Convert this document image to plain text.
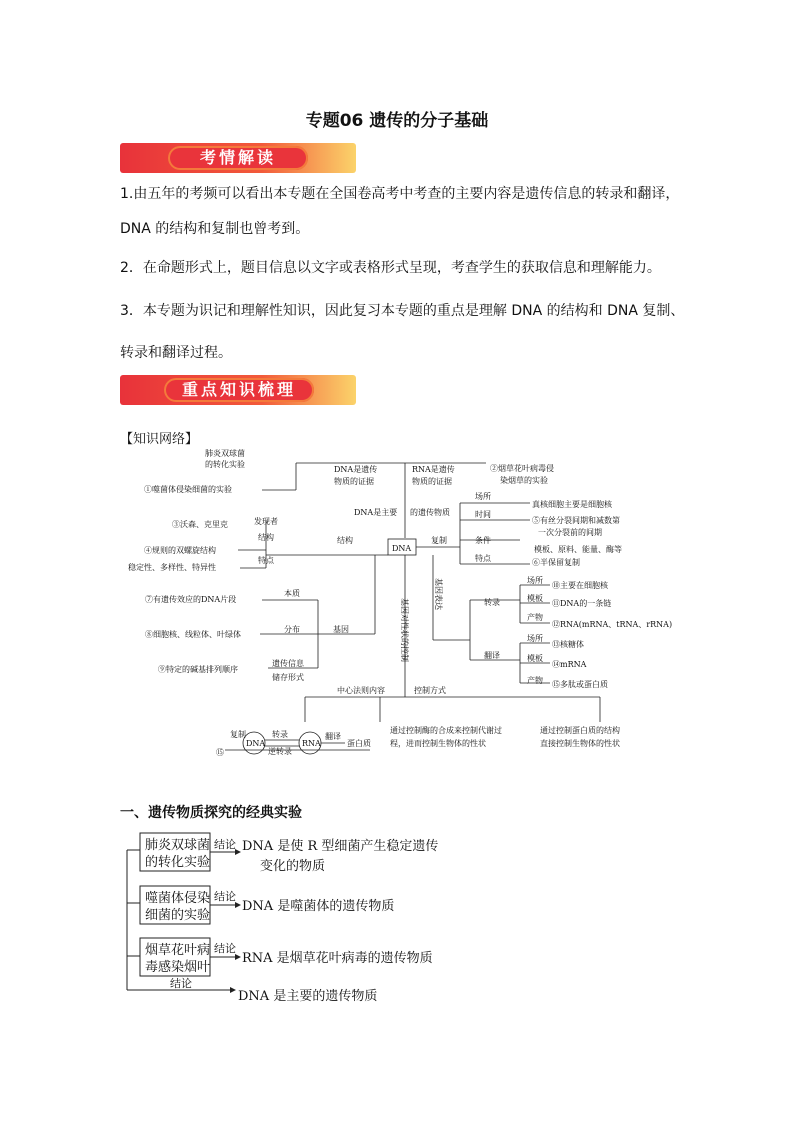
专题06 遗传的分子基础
考情解读
1.由五年的考频可以看出本专题在全国卷高考中考查的主要内容是遗传信息的转录和翻译，
DNA 的结构和复制也曾考到。
2．在命题形式上，题目信息以文字或表格形式呈现，考查学生的获取信息和理解能力。
3．本专题为识记和理解性知识，因此复习本专题的重点是理解 DNA 的结构和 DNA 复制、
转录和翻译过程。
重点知识梳理
【知识网络】
肺炎双球菌
的转化实验
①噬菌体侵染细菌的实验
DNA是遗传
物质的证据
RNA是遗传
物质的证据
②烟草花叶病毒侵
染烟草的实验
DNA是主要 的遗传物质
③沃森、克里克	发现者
结构
④规则的双螺旋结构
特点
稳定性、多样性、特异性
结构
DNA
复制
场所
真核细胞主要是细胞核
时间
⑤有丝分裂间期和减数第
一次分裂前的间期
条件
模板、原料、能量、酶等
特点	⑥半保留复制
转录
场所
⑩主要在细胞核
模板
⑪DNA的一条链
产物
⑫RNA(mRNA、tRNA、rRNA)
翻译
场所
⑬核糖体
模板
⑭mRNA
产物 ⑮多肽或蛋白质
⑦有遗传效应的DNA片段
本质
分布	基因
⑧细胞核、线粒体、叶绿体
⑨特定的碱基排列顺序
遗传信息
储存形式
中心法则内容	控制方式
通过控制酶的合成来控制代谢过
程，进而控制生物体的性状
通过控制蛋白质的结构
直接控制生物体的性状
⑮
复制
DNA
转录
逆转录
RNA
翻译
蛋白质
基因对性状的控制
基因表达
一、遗传物质探究的经典实验
肺炎双球菌
的转化实验
结论 DNA 是使 R 型细菌产生稳定遗传
变化的物质
噬菌体侵染
细菌的实验
结论
DNA 是噬菌体的遗传物质
烟草花叶病
毒感染烟叶
结论
RNA 是烟草花叶病毒的遗传物质
结论
DNA 是主要的遗传物质
